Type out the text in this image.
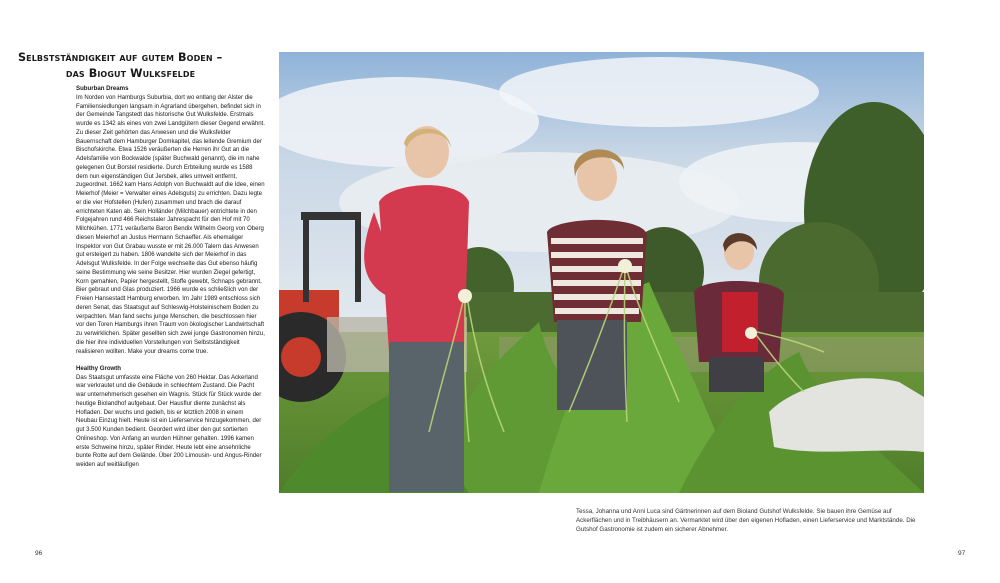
Selbstständigkeit auf gutem Boden –
das Biogut Wulksfelde
Suburban Dreams

Im Norden von Hamburgs Suburbia, dort wo entlang der Alster die Familiensiedlungen langsam in Agrarland übergehen, befindet sich in der Gemeinde Tangstedt das historische Gut Wulksfelde. Erstmals wurde es 1342 als eines von zwei Landgütern dieser Gegend erwähnt. Zu dieser Zeit gehörten das Anwesen und die Wulksfelder Bauernschaft dem Hamburger Domkapitel, das leitende Gremium der Bischofskirche. Etwa 1526 veräußerten die Herren ihr Gut an die Adelsfamilie von Bockwalde (später Buchwald genannt), die im nahe gelegenen Gut Borstel residierte. Durch Erbteilung wurde es 1588 dem nun eigenständigen Gut Jersbek, alles umweit entfernt, zugeordnet. 1662 kam Hans Adolph von Buchwaldt auf die Idee, einen Meierhof (Meier = Verwalter eines Adelsguts) zu errichten. Dazu legte er die vier Hofstellen (Hufen) zusammen und brach die darauf errichteten Katen ab. Sein Holländer (Milchbauer) entrichtete in den Folgejahren rund 466 Reichstaler Jahrespacht für den Hof mit 70 Milchkühen. 1771 veräußerte Baron Bendix Wilhelm Georg von Oberg diesen Meierhof an Justus Hermann Schaeffer. Als ehemaliger Inspektor von Gut Grabau wusste er mit 26.000 Talern das Anwesen gut ersteigert zu haben. 1806 wandelte sich der Meierhof in das Adelsgut Wulksfelde. In der Folge wechselte das Gut ebenso häufig seine Bestimmung wie seine Besitzer. Hier wurden Ziegel gefertigt, Korn gemahlen, Papier hergestellt, Stoffe gewebt, Schnaps gebrannt, Bier gebraut und Glas produziert. 1966 wurde es schließlich von der Freien Hansestadt Hamburg erworben. Im Jahr 1989 entschloss sich deren Senat, das Staatsgut auf Schleswig-Holsteinischem Boden zu verpachten. Man fand sechs junge Menschen, die beschlossen hier vor den Toren Hamburgs ihren Traum von ökologischer Landwirtschaft zu verwirklichen. Später gesellten sich zwei junge Gastronomen hinzu, die hier ihre individuellen Vorstellungen von Selbstständigkeit realisieren wollten. Make your dreams come true.

Healthy Growth

Das Staatsgut umfasste eine Fläche von 260 Hektar. Das Ackerland war verkrautet und die Gebäude in schlechtem Zustand. Die Pacht war unternehmerisch gesehen ein Wagnis. Stück für Stück wurde der heutige Biolandhof aufgebaut. Der Hausflur diente zunächst als Hofladen. Der wuchs und gedieh, bis er letztlich 2008 in einem Neubau Einzug hielt. Heute ist ein Lieferservice hinzugekommen, der gut 3.500 Kunden bedient. Geordert wird über den gut sortierten Onlineshop. Von Anfang an wurden Hühner gehalten. 1996 kamen erste Schweine hinzu, später Rinder. Heute lebt eine ansehnliche bunte Rotte auf dem Gelände. Über 200 Limousin- und Angus-Rinder weiden auf weitläufigen

Tessa, Johanna und Anni Luca sind Gärtnerinnen auf dem Bioland Gutshof Wulksfelde. Sie bauen ihre Gemüse auf Ackerflächen und in Treibhäusern an. Vermarktet wird über den eigenen Hofladen, einen Lieferservice und Marktstände. Die Gutshof Gastronomie ist zudem ein sicherer Abnehmer.
96	97
